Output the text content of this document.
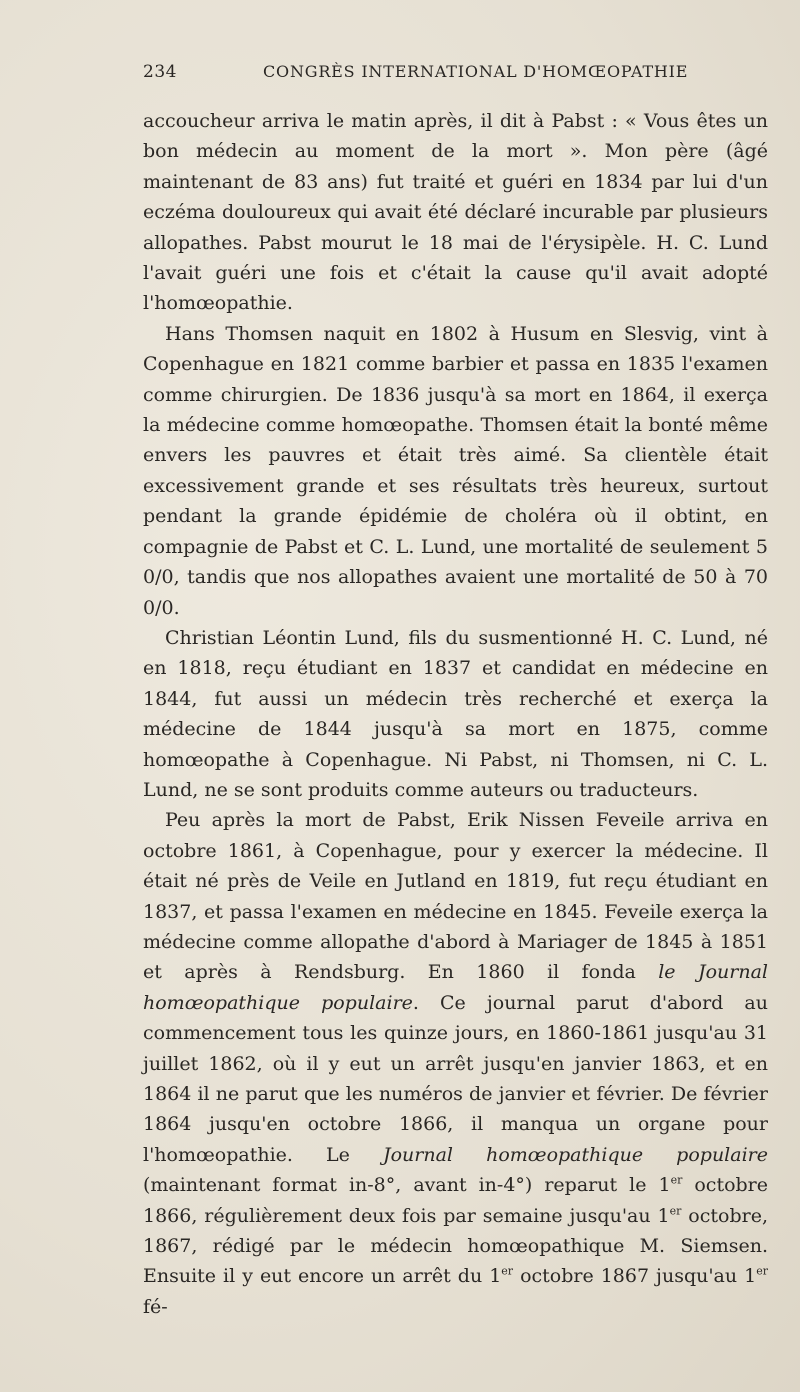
234	CONGRÈS INTERNATIONAL D'HOMŒOPATHIE

accoucheur arriva le matin après, il dit à Pabst : « Vous êtes un bon médecin au moment de la mort ». Mon père (âgé maintenant de 83 ans) fut traité et guéri en 1834 par lui d'un eczéma douloureux qui avait été déclaré incurable par plusieurs allopathes. Pabst mourut le 18 mai de l'érysipèle. H. C. Lund l'avait guéri une fois et c'était la cause qu'il avait adopté l'homœopathie.

Hans Thomsen naquit en 1802 à Husum en Slesvig, vint à Copenhague en 1821 comme barbier et passa en 1835 l'examen comme chirurgien. De 1836 jusqu'à sa mort en 1864, il exerça la médecine comme homœopathe. Thomsen était la bonté même envers les pauvres et était très aimé. Sa clientèle était excessivement grande et ses résultats très heureux, surtout pendant la grande épidémie de choléra où il obtint, en compagnie de Pabst et C. L. Lund, une mortalité de seulement 5 0/0, tandis que nos allopathes avaient une mortalité de 50 à 70 0/0.

Christian Léontin Lund, fils du susmentionné H. C. Lund, né en 1818, reçu étudiant en 1837 et candidat en médecine en 1844, fut aussi un médecin très recherché et exerça la médecine de 1844 jusqu'à sa mort en 1875, comme homœopathe à Copenhague. Ni Pabst, ni Thomsen, ni C. L. Lund, ne se sont produits comme auteurs ou traducteurs.

Peu après la mort de Pabst, Erik Nissen Feveile arriva en octobre 1861, à Copenhague, pour y exercer la médecine. Il était né près de Veile en Jutland en 1819, fut reçu étudiant en 1837, et passa l'examen en médecine en 1845. Feveile exerça la médecine comme allopathe d'abord à Mariager de 1845 à 1851 et après à Rendsburg. En 1860 il fonda le Journal homœopathique populaire. Ce journal parut d'abord au commencement tous les quinze jours, en 1860-1861 jusqu'au 31 juillet 1862, où il y eut un arrêt jusqu'en janvier 1863, et en 1864 il ne parut que les numéros de janvier et février. De février 1864 jusqu'en octobre 1866, il manqua un organe pour l'homœopathie. Le Journal homœopathique populaire (maintenant format in-8°, avant in-4°) reparut le 1er octobre 1866, régulièrement deux fois par semaine jusqu'au 1er octobre, 1867, rédigé par le médecin homœopathique M. Siemsen. Ensuite il y eut encore un arrêt du 1er octobre 1867 jusqu'au 1er fé-
